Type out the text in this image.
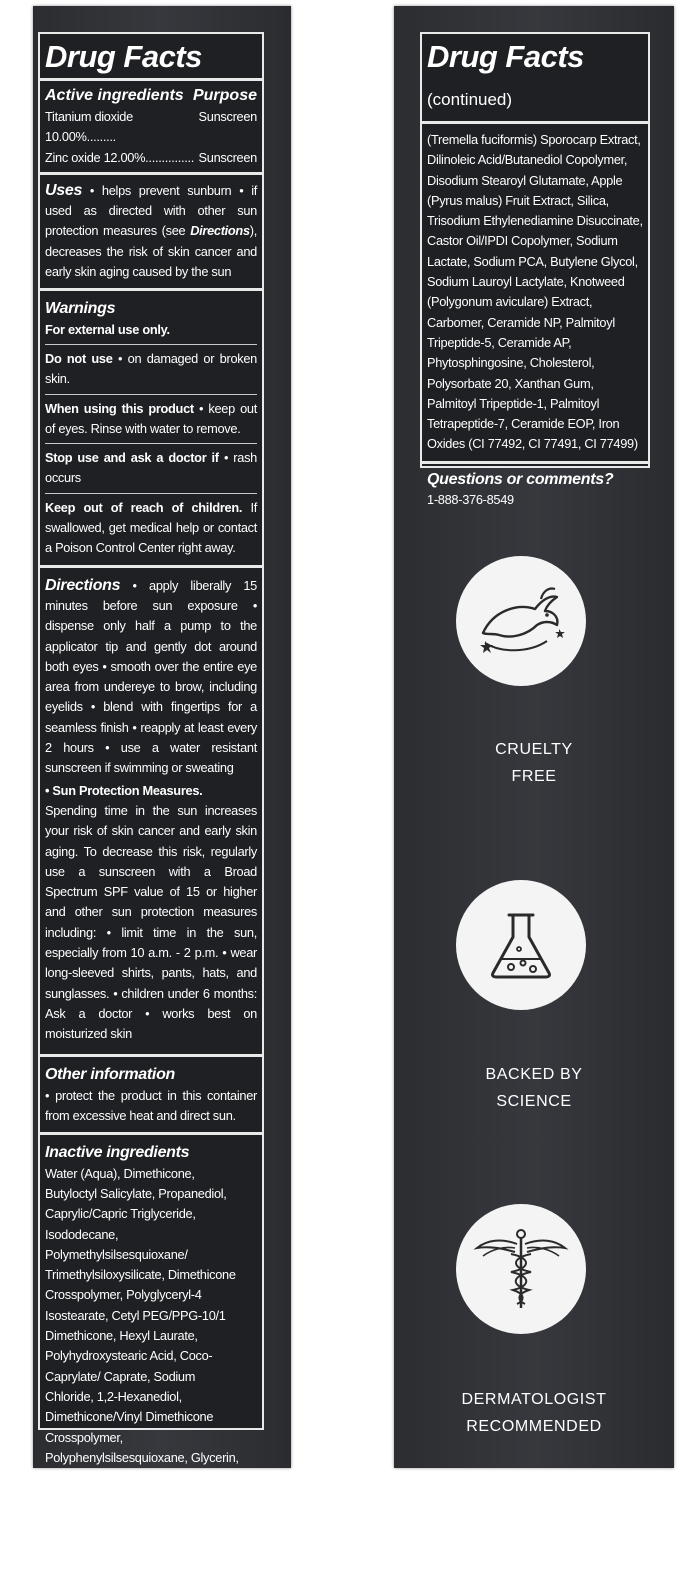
Drug Facts
Active ingredients Purpose
Titanium dioxide 10.00%.........
Sunscreen
Zinc oxide 12.00%............... Sunscreen
Uses • helps prevent sunburn • if used as directed with other sun protection measures (see Directions), decreases the risk of skin cancer and early skin aging caused by the sun
Warnings
For external use only.
Do not use • on damaged or broken skin.
When using this product • keep out of eyes. Rinse with water to remove.
Stop use and ask a doctor if • rash occurs
Keep out of reach of children. If swallowed, get medical help or contact a Poison Control Center right away.
Directions • apply liberally 15 minutes before sun exposure • dispense only half a pump to the applicator tip and gently dot around both eyes • smooth over the entire eye area from undereye to brow, including eyelids • blend with fingertips for a seamless finish • reapply at least every 2 hours • use a water resistant sunscreen if swimming or sweating
• Sun Protection Measures.
Spending time in the sun increases your risk of skin cancer and early skin aging. To decrease this risk, regularly use a sunscreen with a Broad Spectrum SPF value of 15 or higher and other sun protection measures including: • limit time in the sun, especially from 10 a.m. - 2 p.m. • wear long-sleeved shirts, pants, hats, and sunglasses. • children under 6 months: Ask a doctor • works best on moisturized skin
Other information
• protect the product in this container from excessive heat and direct sun.
Inactive ingredients
Water (Aqua), Dimethicone, Butyloctyl Salicylate, Propanediol, Caprylic/Capric Triglyceride, Isododecane, Polymethylsilsesquioxane/ Trimethylsiloxysilicate, Dimethicone Crosspolymer, Polyglyceryl-4 Isostearate, Cetyl PEG/PPG-10/1 Dimethicone, Hexyl Laurate, Polyhydroxystearic Acid, Coco-Caprylate/ Caprate, Sodium Chloride, 1,2-Hexanediol, Dimethicone/Vinyl Dimethicone Crosspolymer, Polyphenylsilsesquioxane, Glycerin, Caprylhydroxamic Acid, Watermelon (Citrullus lanatus) Fruit Extract, Polyglyceryl-6 Polyricinoleate, Lentil (Lens esculenta) Fruit Extract, Mushroom	▶
Drug Facts (continued)
(Tremella fuciformis) Sporocarp Extract, Dilinoleic Acid/Butanediol Copolymer, Disodium Stearoyl Glutamate, Apple (Pyrus malus) Fruit Extract, Silica, Trisodium Ethylenediamine Disuccinate, Castor Oil/IPDI Copolymer, Sodium Lactate, Sodium PCA, Butylene Glycol, Sodium Lauroyl Lactylate, Knotweed (Polygonum aviculare) Extract, Carbomer, Ceramide NP, Palmitoyl Tripeptide-5, Ceramide AP, Phytosphingosine, Cholesterol, Polysorbate 20, Xanthan Gum, Palmitoyl Tripeptide-1, Palmitoyl Tetrapeptide-7, Ceramide EOP, Iron Oxides (CI 77492, CI 77491, CI 77499)
Questions or comments?
1-888-376-8549
CRUELTY
FREE
BACKED BY
SCIENCE
DERMATOLOGIST
RECOMMENDED
